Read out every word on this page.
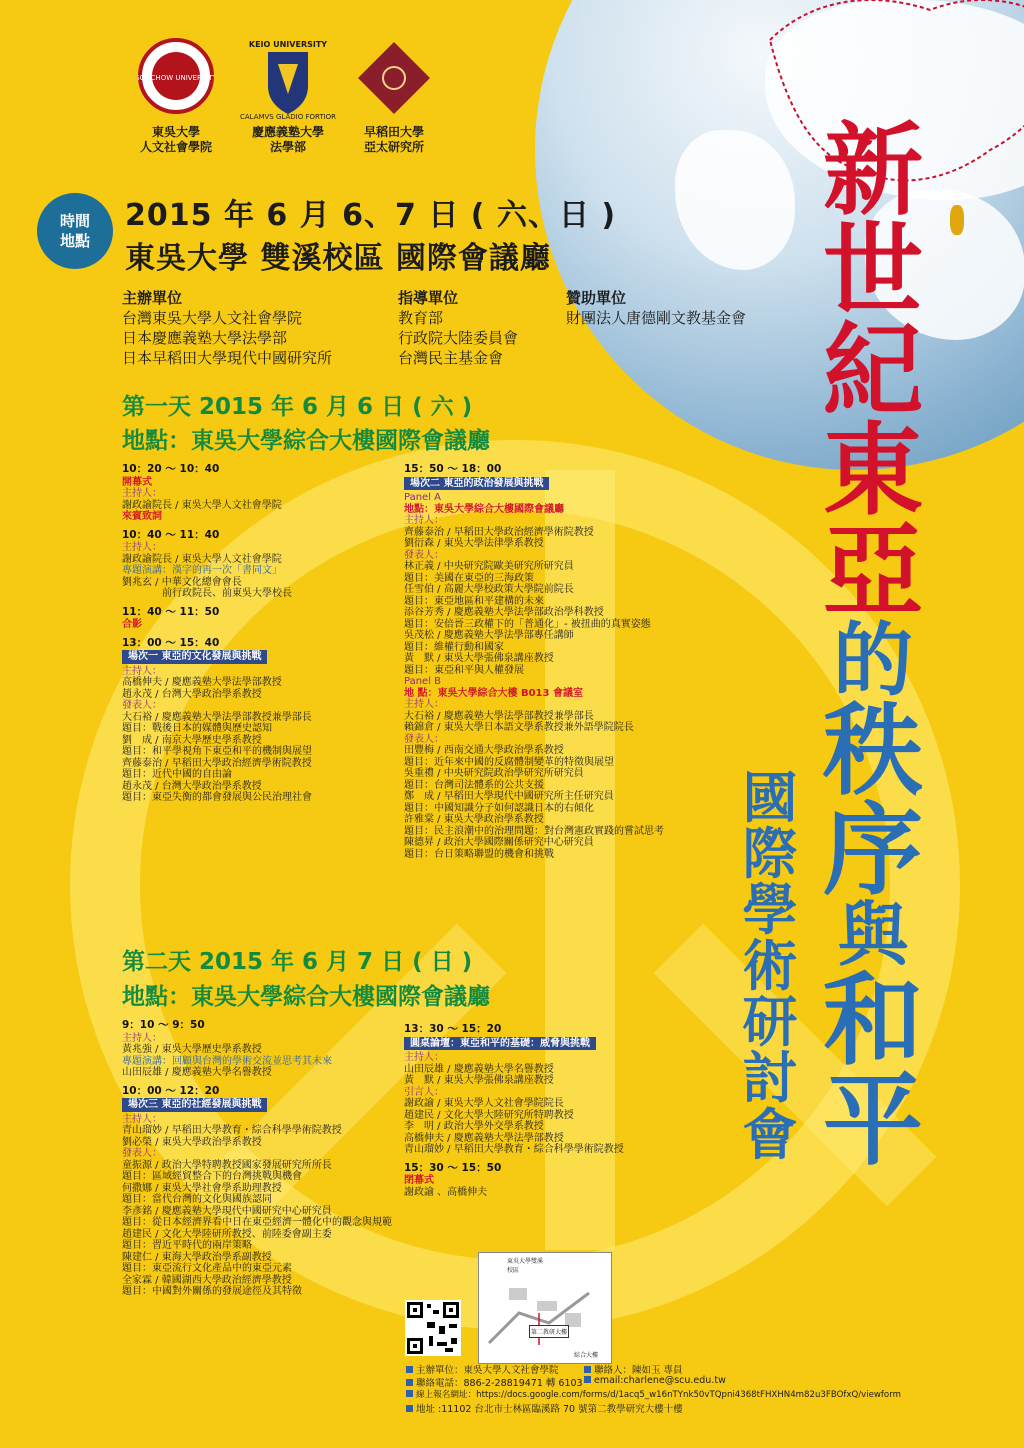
SOOCHOW UNIVERSITY
東吳大學
人文社會學院
KEIO UNIVERSITY
CALAMVS GLADIO FORTIOR
慶應義塾大學
法學部
早稻田大學
亞太研究所
時間
地點
2015 年 6 月 6、7 日 ( 六、日 )
東吳大學 雙溪校區 國際會議廳
主辦單位
台灣東吳大學人文社會學院
日本慶應義塾大學法學部
日本早稻田大學現代中國研究所
指導單位
教育部
行政院大陸委員會
台灣民主基金會
贊助單位
財團法人唐德剛文教基金會
新
世
紀
東
亞
的
秩
序
與
和
平
國
際
學
術
研
討
會
第一天 2015 年 6 月 6 日 ( 六 )
地點：東吳大學綜合大樓國際會議廳
10：20 ～ 10：40
開幕式
主持人：
謝政諭院長 / 東吳大學人文社會學院
來賓致詞
10：40 ～ 11：40
主持人：
謝政諭院長 / 東吳大學人文社會學院
專題演講：漢字的再一次「書同文」
劉兆玄 / 中華文化總會會長
前行政院長、前東吳大學校長
11：40 ～ 11：50
合影
13：00 ～ 15：40
場次一 東亞的文化發展與挑戰
主持人：
高橋伸夫 / 慶應義塾大學法學部教授
趙永茂 / 台灣大學政治學系教授
發表人：
大石裕 / 慶應義塾大學法學部教授兼學部長
題目：戰後日本的媒體與歷史認知
劉　成 / 南京大學歷史學系教授
題目：和平學視角下東亞和平的機制與展望
齊藤泰治 / 早稻田大學政治經濟學術院教授
題目：近代中國的自由論
趙永茂 / 台灣大學政治學系教授
題目：東亞失衡的都會發展與公民治理社會
15：50 ～ 18：00
場次二 東亞的政治發展與挑戰
Panel A
地點：東吳大學綜合大樓國際會議廳
主持人：
齊藤泰治 / 早稻田大學政治經濟學術院教授
劉衍森 / 東吳大學法律學系教授
發表人：
林正義 / 中央研究院歐美研究所研究員
題目：美國在東亞的三海政策
任雪伯 / 高麗大學校政策大學院前院長
題目：東亞地區和平建構的未來
添谷芳秀 / 慶應義塾大學法學部政治學科教授
題目：安倍晉三政權下的「普通化」- 被扭曲的真實姿態
吳茂松 / 慶應義塾大學法學部專任講師
題目：維權行動和國家
黃　默 / 東吳大學張佛泉講座教授
題目：東亞和平與人權發展
Panel B
地 點：東吳大學綜合大樓 B013 會議室
主持人：
大石裕 / 慶應義塾大學法學部教授兼學部長
賴錦倉 / 東吳大學日本語文學系教授兼外語學院院長
發表人：
田豐梅 / 西南交通大學政治學系教授
題目：近年來中國的反腐體制變革的特徵與展望
吳重禮 / 中央研究院政治學研究所研究員
題目：台灣司法體系的公共支援
鄭　成 / 早稻田大學現代中國研究所主任研究員
題目：中國知識分子如何認識日本的右傾化
許雅棠 / 東吳大學政治學系教授
題目：民主浪潮中的治理問題：對台灣憲政實踐的嘗試思考
陳德昇 / 政治大學國際關係研究中心研究員
題目：台日策略聯盟的機會和挑戰
第二天 2015 年 6 月 7 日 ( 日 )
地點：東吳大學綜合大樓國際會議廳
9：10 ～ 9：50
主持人：
黃兆強 / 東吳大學歷史學系教授
專題演講：回顧與台灣的學術交流並思考其未來
山田辰雄 / 慶應義塾大學名譽教授
10：00 ～ 12：20
場次三 東亞的社經發展與挑戰
主持人：
青山瑠妙 / 早稻田大學教育・綜合科學學術院教授
劉必榮 / 東吳大學政治學系教授
發表人：
童振源 / 政治大學特聘教授國家發展研究所所長
題目：區域經貿整合下的台灣挑戰與機會
何撒娜 / 東吳大學社會學系助理教授
題目：當代台灣的文化與國族認同
李彥銘 / 慶應義塾大學現代中國研究中心研究員
題目：從日本經濟界看中日在東亞經濟一體化中的觀念與規範
趙建民 / 文化大學陸研所教授、前陸委會副主委
題目：習近平時代的兩岸策略
陳建仁 / 東海大學政治學系副教授
題目：東亞流行文化產品中的東亞元素
全家霖 / 韓國湖西大學政治經濟學教授
題目：中國對外關係的發展途徑及其特徵
13：30 ～ 15：20
圓桌論壇：東亞和平的基礎：威脅與挑戰
主持人：
山田辰雄 / 慶應義塾大學名譽教授
黃　默 / 東吳大學張佛泉講座教授
引言人：
謝政諭 / 東吳大學人文社會學院院長
趙建民 / 文化大學大陸研究所特聘教授
李　明 / 政治大學外交學系教授
高橋伸夫 / 慶應義塾大學法學部教授
青山瑠妙 / 早稻田大學教育・綜合科學學術院教授
15：30 ～ 15：50
閉幕式
謝政諭 、高橋伸夫
東吳大學雙溪校區
第二教研大樓
綜合大樓
主辦單位：東吳大學人文社會學院	聯絡人：陳如玉 專員
聯絡電話：886-2-28819471 轉 6103	email:charlene@scu.edu.tw
線上報名網址：https://docs.google.com/forms/d/1acq5_w16nTYnk50vTQpni4368tFHXHN4m82u3FBOfxQ/viewform
地址 :11102 台北市士林區臨溪路 70 號第二教學研究大樓十樓
